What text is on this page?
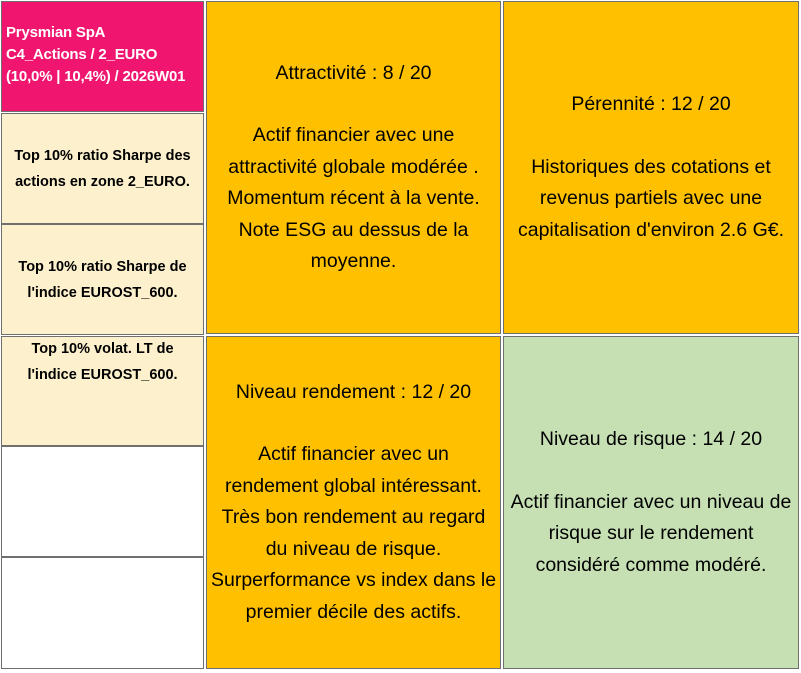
Prysmian SpA
C4_Actions / 2_EURO
(10,0% | 10,4%) / 2026W01
Top 10% ratio Sharpe des
actions en zone 2_EURO.
Top 10% ratio Sharpe de
l'indice EUROST_600.
Top 10% volat. LT de
l'indice EUROST_600.
Attractivité : 8 / 20
Actif financier avec une
attractivité globale modérée .
Momentum récent à la vente.
Note ESG au dessus de la
moyenne.
Pérennité : 12 / 20
Historiques des cotations et
revenus partiels avec une
capitalisation d'environ 2.6 G€.
Niveau rendement : 12 / 20
Actif financier avec un
rendement global intéressant.
Très bon rendement au regard
du niveau de risque.
Surperformance vs index dans le
premier décile des actifs.
Niveau de risque : 14 / 20
Actif financier avec un niveau de
risque sur le rendement
considéré comme modéré.
